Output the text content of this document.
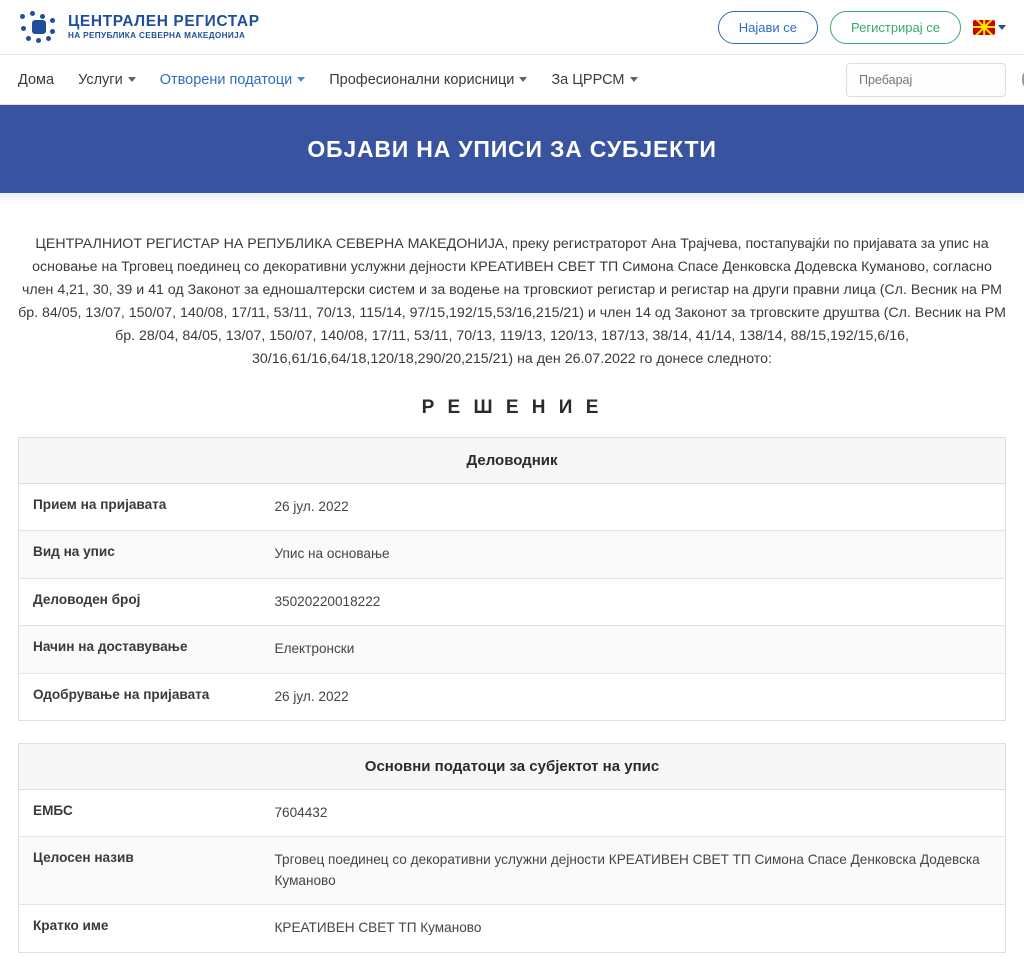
ЦЕНТРАЛЕН РЕГИСТАР
НА РЕПУБЛИКА СЕВЕРНА МАКЕДОНИЈА
Најави се	Регистрирај се
Дома Услуги	Отворени податоци	Професионални корисници	За ЦРРСМ
Пребарај
ОБЈАВИ НА УПИСИ ЗА СУБЈЕКТИ

ЦЕНТРАЛНИОТ РЕГИСТАР НА РЕПУБЛИКА СЕВЕРНА МАКЕДОНИЈА, преку регистраторот Ана Трајчева, постапувајќи по пријавата за упис на основање на Трговец поединец со декоративни услужни дејности КРЕАТИВЕН СВЕТ ТП Симона Спасе Денковска Додевска Куманово, согласно член 4,21, 30, 39 и 41 од Законот за едношалтерски систем и за водење на трговскиот регистар и регистар на други правни лица (Сл. Весник на РМ бр. 84/05, 13/07, 150/07, 140/08, 17/11, 53/11, 70/13, 115/14, 97/15,192/15,53/16,215/21) и член 14 од Законот за трговските друштва (Сл. Весник на РМ бр. 28/04, 84/05, 13/07, 150/07, 140/08, 17/11, 53/11, 70/13, 119/13, 120/13, 187/13, 38/14, 41/14, 138/14, 88/15,192/15,6/16, 30/16,61/16,64/18,120/18,290/20,215/21) на ден 26.07.2022 го донесе следното:

Р Е Ш Е Н И Е
Деловодник	
Прием на пријавата	26 јул. 2022
Вид на упис	Упис на основање
Деловоден број	35020220018222
Начин на доставување	Електронски
Одобрување на пријавата	26 јул. 2022
Основни податоци за субјектот на упис	
ЕМБС	7604432
Целосен назив	Трговец поединец со декоративни услужни дејности КРЕАТИВЕН СВЕТ ТП Симона Спасе Денковска Додевска Куманово
Кратко име	КРЕАТИВЕН СВЕТ ТП Куманово
